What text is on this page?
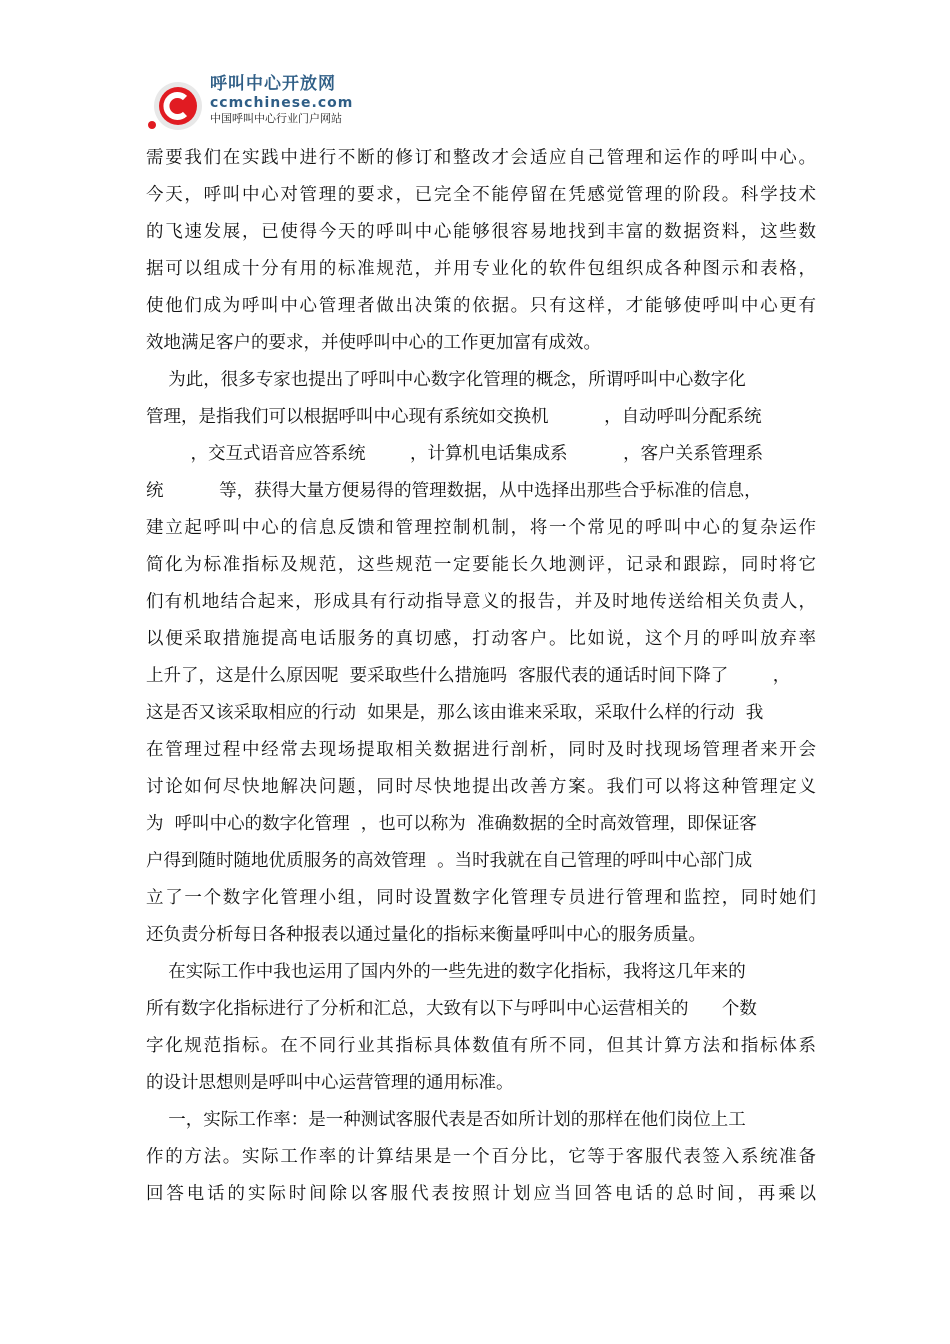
呼叫中心开放网
ccmchinese.com
中国呼叫中心行业门户网站
需要我们在实践中进行不断的修订和整改才会适应自己管理和运作的呼叫中心。
今天，呼叫中心对管理的要求，已完全不能停留在凭感觉管理的阶段。科学技术
的飞速发展，已使得今天的呼叫中心能够很容易地找到丰富的数据资料，这些数
据可以组成十分有用的标准规范，并用专业化的软件包组织成各种图示和表格，
使他们成为呼叫中心管理者做出决策的依据。只有这样，才能够使呼叫中心更有
效地满足客户的要求，并使呼叫中心的工作更加富有成效。
为此，很多专家也提出了呼叫中心数字化管理的概念，所谓呼叫中心数字化
管理，是指我们可以根据呼叫中心现有系统如交换机          ，自动呼叫分配系统
，交互式语音应答系统        ，计算机电话集成系          ，客户关系管理系
统          等，获得大量方便易得的管理数据，从中选择出那些合乎标准的信息，
建立起呼叫中心的信息反馈和管理控制机制，将一个常见的呼叫中心的复杂运作
简化为标准指标及规范，这些规范一定要能长久地测评，记录和跟踪，同时将它
们有机地结合起来，形成具有行动指导意义的报告，并及时地传送给相关负责人，
以便采取措施提高电话服务的真切感，打动客户。比如说，这个月的呼叫放弃率
上升了，这是什么原因呢  要采取些什么措施吗  客服代表的通话时间下降了        ，
这是否又该采取相应的行动  如果是，那么该由谁来采取，采取什么样的行动  我
在管理过程中经常去现场提取相关数据进行剖析，同时及时找现场管理者来开会
讨论如何尽快地解决问题，同时尽快地提出改善方案。我们可以将这种管理定义
为  呼叫中心的数字化管理  ，也可以称为  准确数据的全时高效管理，即保证客
户得到随时随地优质服务的高效管理  。当时我就在自己管理的呼叫中心部门成
立了一个数字化管理小组，同时设置数字化管理专员进行管理和监控，同时她们
还负责分析每日各种报表以通过量化的指标来衡量呼叫中心的服务质量。
在实际工作中我也运用了国内外的一些先进的数字化指标，我将这几年来的
所有数字化指标进行了分析和汇总，大致有以下与呼叫中心运营相关的      个数
字化规范指标。在不同行业其指标具体数值有所不同，但其计算方法和指标体系
的设计思想则是呼叫中心运营管理的通用标准。
一，实际工作率：是一种测试客服代表是否如所计划的那样在他们岗位上工
作的方法。实际工作率的计算结果是一个百分比，它等于客服代表签入系统准备
回答电话的实际时间除以客服代表按照计划应当回答电话的总时间，再乘以
